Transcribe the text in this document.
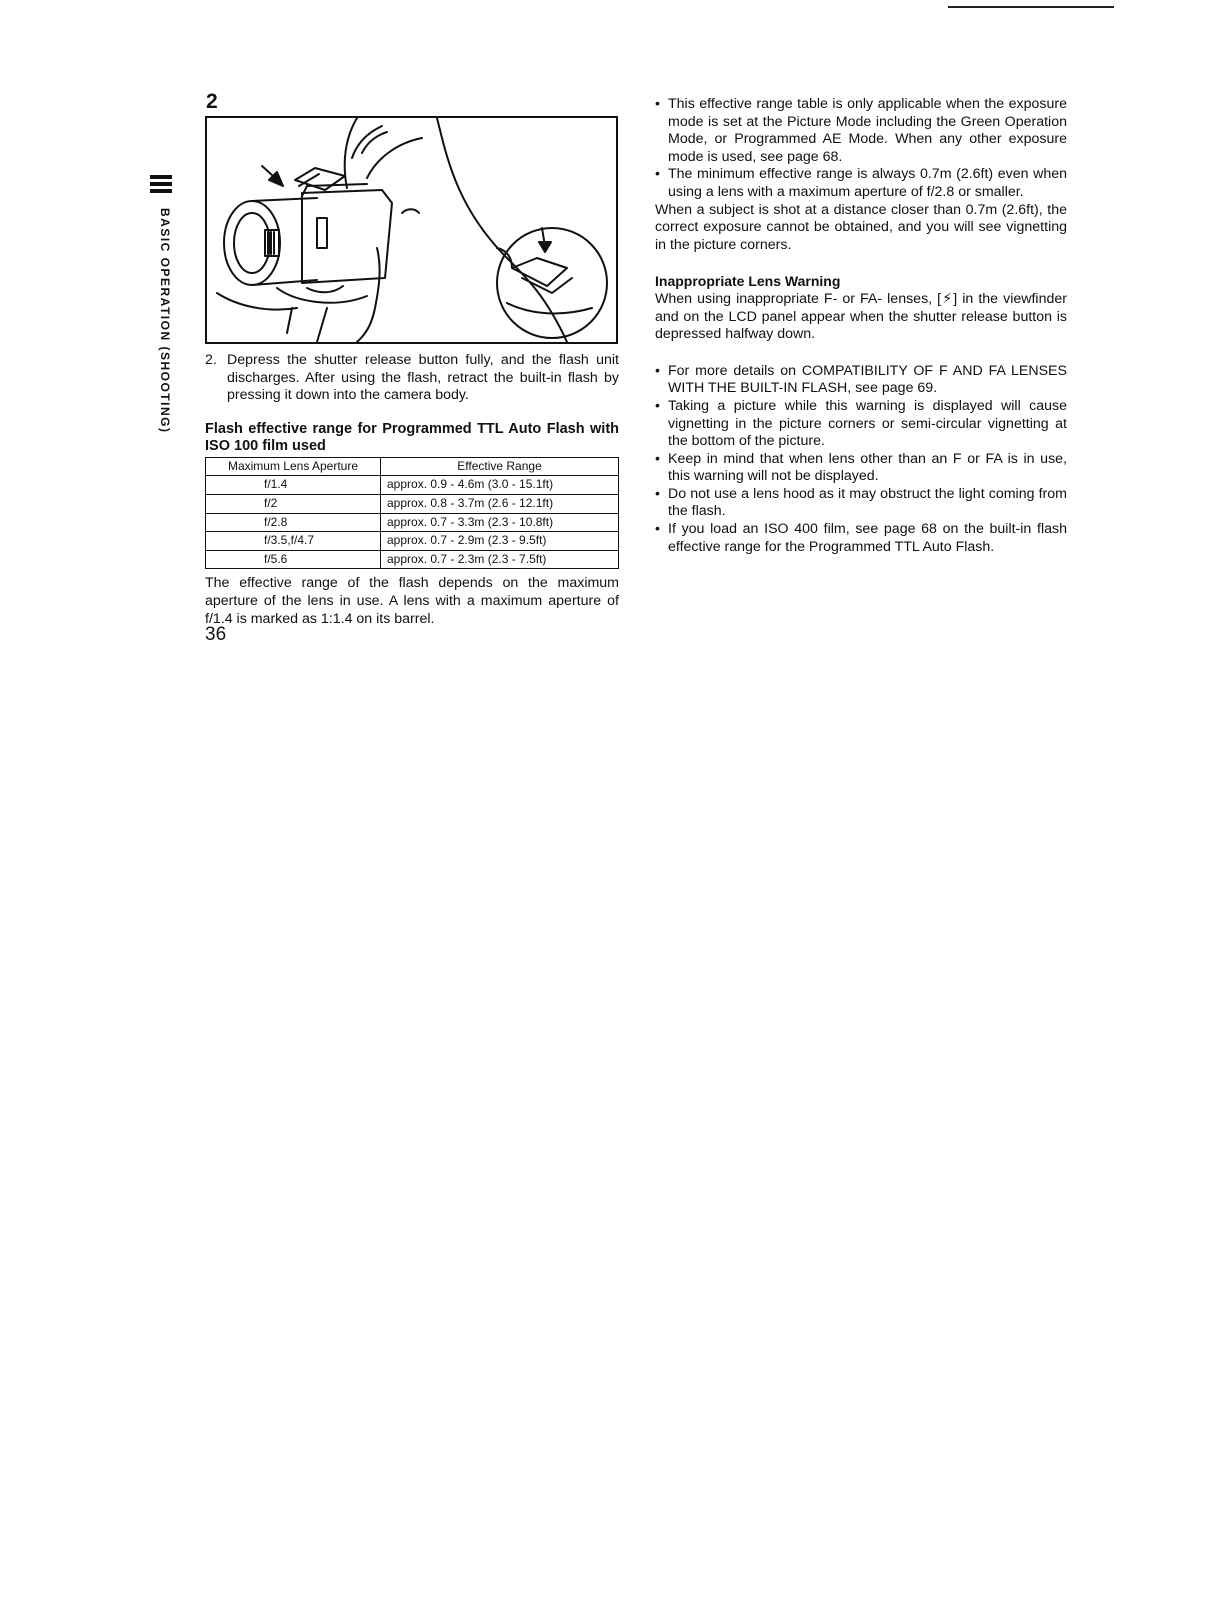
BASIC OPERATION (SHOOTING)
2
2. Depress the shutter release button fully, and the flash unit discharges. After using the flash, retract the built-in flash by pressing it down into the camera body.
Flash effective range for Programmed TTL Auto Flash with ISO 100 film used
Maximum Lens Aperture	Effective Range
f/1.4	approx. 0.9 - 4.6m (3.0 - 15.1ft)
f/2	approx. 0.8 - 3.7m (2.6 - 12.1ft)
f/2.8	approx. 0.7 - 3.3m (2.3 - 10.8ft)
f/3.5,f/4.7	approx. 0.7 - 2.9m (2.3 - 9.5ft)
f/5.6	approx. 0.7 - 2.3m (2.3 - 7.5ft)
The effective range of the flash depends on the maximum aperture of the lens in use. A lens with a maximum aperture of f/1.4 is marked as 1:1.4 on its barrel.
36
• This effective range table is only applicable when the exposure mode is set at the Picture Mode including the Green Operation Mode, or Programmed AE Mode. When any other exposure mode is used, see page 68.
• The minimum effective range is always 0.7m (2.6ft) even when using a lens with a maximum aperture of f/2.8 or smaller.
When a subject is shot at a distance closer than 0.7m (2.6ft), the correct exposure cannot be obtained, and you will see vignetting in the picture corners.
Inappropriate Lens Warning
When using inappropriate F- or FA- lenses, [⚡] in the viewfinder and on the LCD panel appear when the shutter release button is depressed halfway down.
• For more details on COMPATIBILITY OF F AND FA LENSES WITH THE BUILT-IN FLASH, see page 69.
• Taking a picture while this warning is displayed will cause vignetting in the picture corners or semi-circular vignetting at the bottom of the picture.
• Keep in mind that when lens other than an F or FA is in use, this warning will not be displayed.
• Do not use a lens hood as it may obstruct the light coming from the flash.
• If you load an ISO 400 film, see page 68 on the built-in flash effective range for the Programmed TTL Auto Flash.
